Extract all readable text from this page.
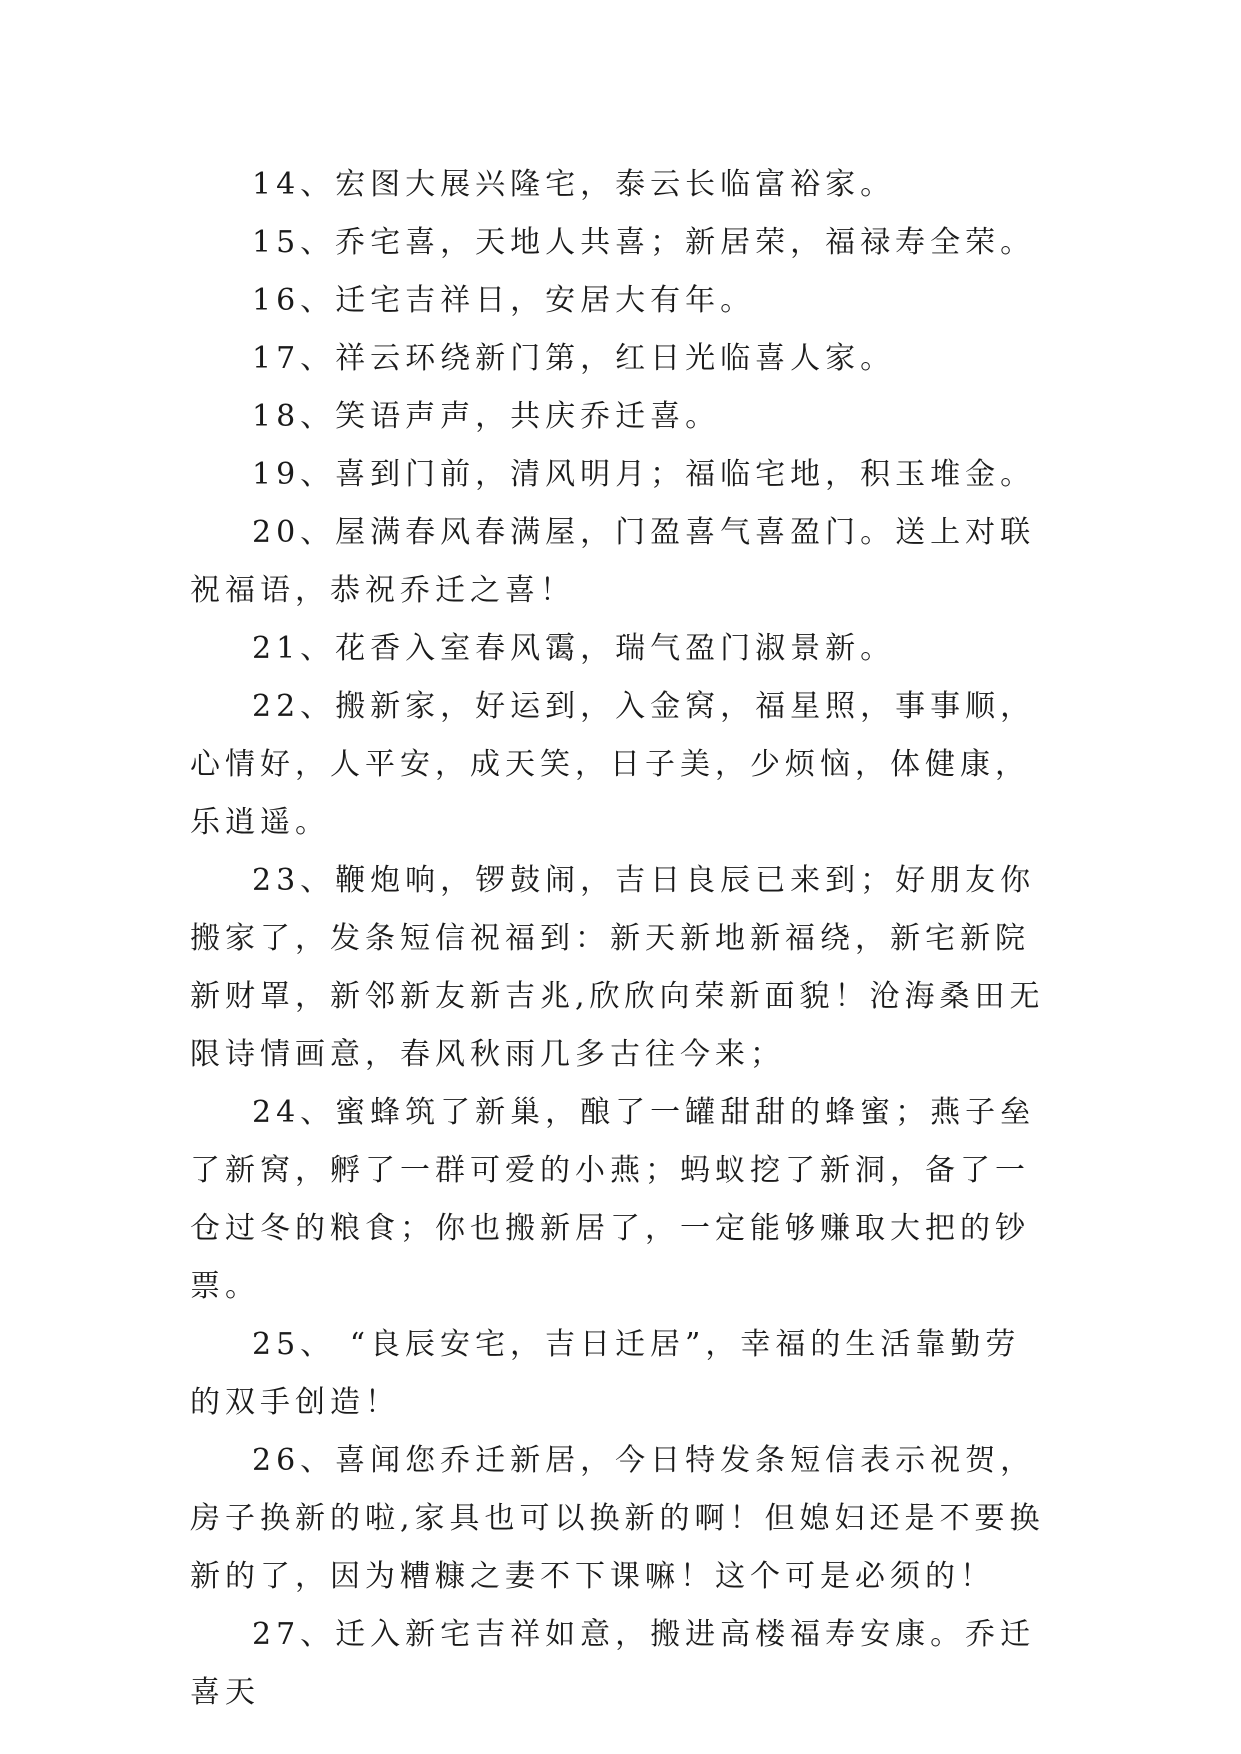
14、宏图大展兴隆宅，泰云长临富裕家。

15、乔宅喜，天地人共喜；新居荣，福禄寿全荣。

16、迁宅吉祥日，安居大有年。

17、祥云环绕新门第，红日光临喜人家。

18、笑语声声，共庆乔迁喜。

19、喜到门前，清风明月；福临宅地，积玉堆金。

20、屋满春风春满屋，门盈喜气喜盈门。送上对联祝福语，恭祝乔迁之喜！

21、花香入室春风霭，瑞气盈门淑景新。

22、搬新家，好运到，入金窝，福星照，事事顺，心情好，人平安，成天笑，日子美，少烦恼，体健康，乐逍遥。

23、鞭炮响，锣鼓闹，吉日良辰已来到；好朋友你搬家了，发条短信祝福到：新天新地新福绕，新宅新院新财罩，新邻新友新吉兆,欣欣向荣新面貌！沧海桑田无限诗情画意，春风秋雨几多古往今来；

24、蜜蜂筑了新巢，酿了一罐甜甜的蜂蜜；燕子垒了新窝，孵了一群可爱的小燕；蚂蚁挖了新洞，备了一仓过冬的粮食；你也搬新居了，一定能够赚取大把的钞票。

25、 “良辰安宅，吉日迁居”，幸福的生活靠勤劳的双手创造！

26、喜闻您乔迁新居，今日特发条短信表示祝贺，房子换新的啦,家具也可以换新的啊！但媳妇还是不要换新的了，因为糟糠之妻不下课嘛！这个可是必须的！

27、迁入新宅吉祥如意，搬进高楼福寿安康。乔迁喜天
